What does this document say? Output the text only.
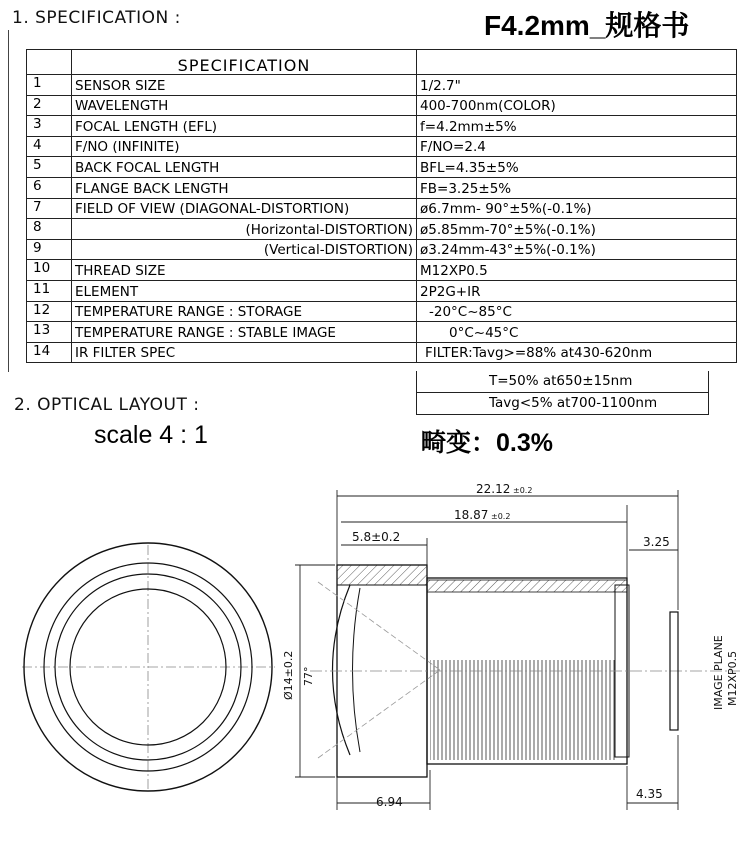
1. SPECIFICATION :	F4.2mm_规格书
	SPECIFICATION	
1	SENSOR SIZE	1/2.7"
2	WAVELENGTH	400-700nm(COLOR)
3	FOCAL LENGTH (EFL)	f=4.2mm±5%
4	F/NO (INFINITE)	F/NO=2.4
5	BACK FOCAL LENGTH	BFL=4.35±5%
6	FLANGE BACK LENGTH	FB=3.25±5%
7	FIELD OF VIEW (DIAGONAL-DISTORTION)	ø6.7mm- 90°±5%(-0.1%)
8	(Horizontal-DISTORTION)	ø5.85mm-70°±5%(-0.1%)
9	(Vertical-DISTORTION)	ø3.24mm-43°±5%(-0.1%)
10	THREAD SIZE	M12XP0.5
11	ELEMENT	2P2G+IR
12	TEMPERATURE RANGE : STORAGE	-20°C~85°C
13	TEMPERATURE RANGE : STABLE IMAGE	0°C~45°C
14	IR FILTER SPEC	FILTER:Tavg>=88% at430-620nm
T=50% at650±15nm
Tavg<5% at700-1100nm
2. OPTICAL LAYOUT :
scale 4 : 1	畸变：0.3%
22.12 ±0.2
18.87 ±0.2
5.8±0.2	3.25
Ø14±0.2 77°
6.94
4.35
IMAGE PLANE M12XP0.5
